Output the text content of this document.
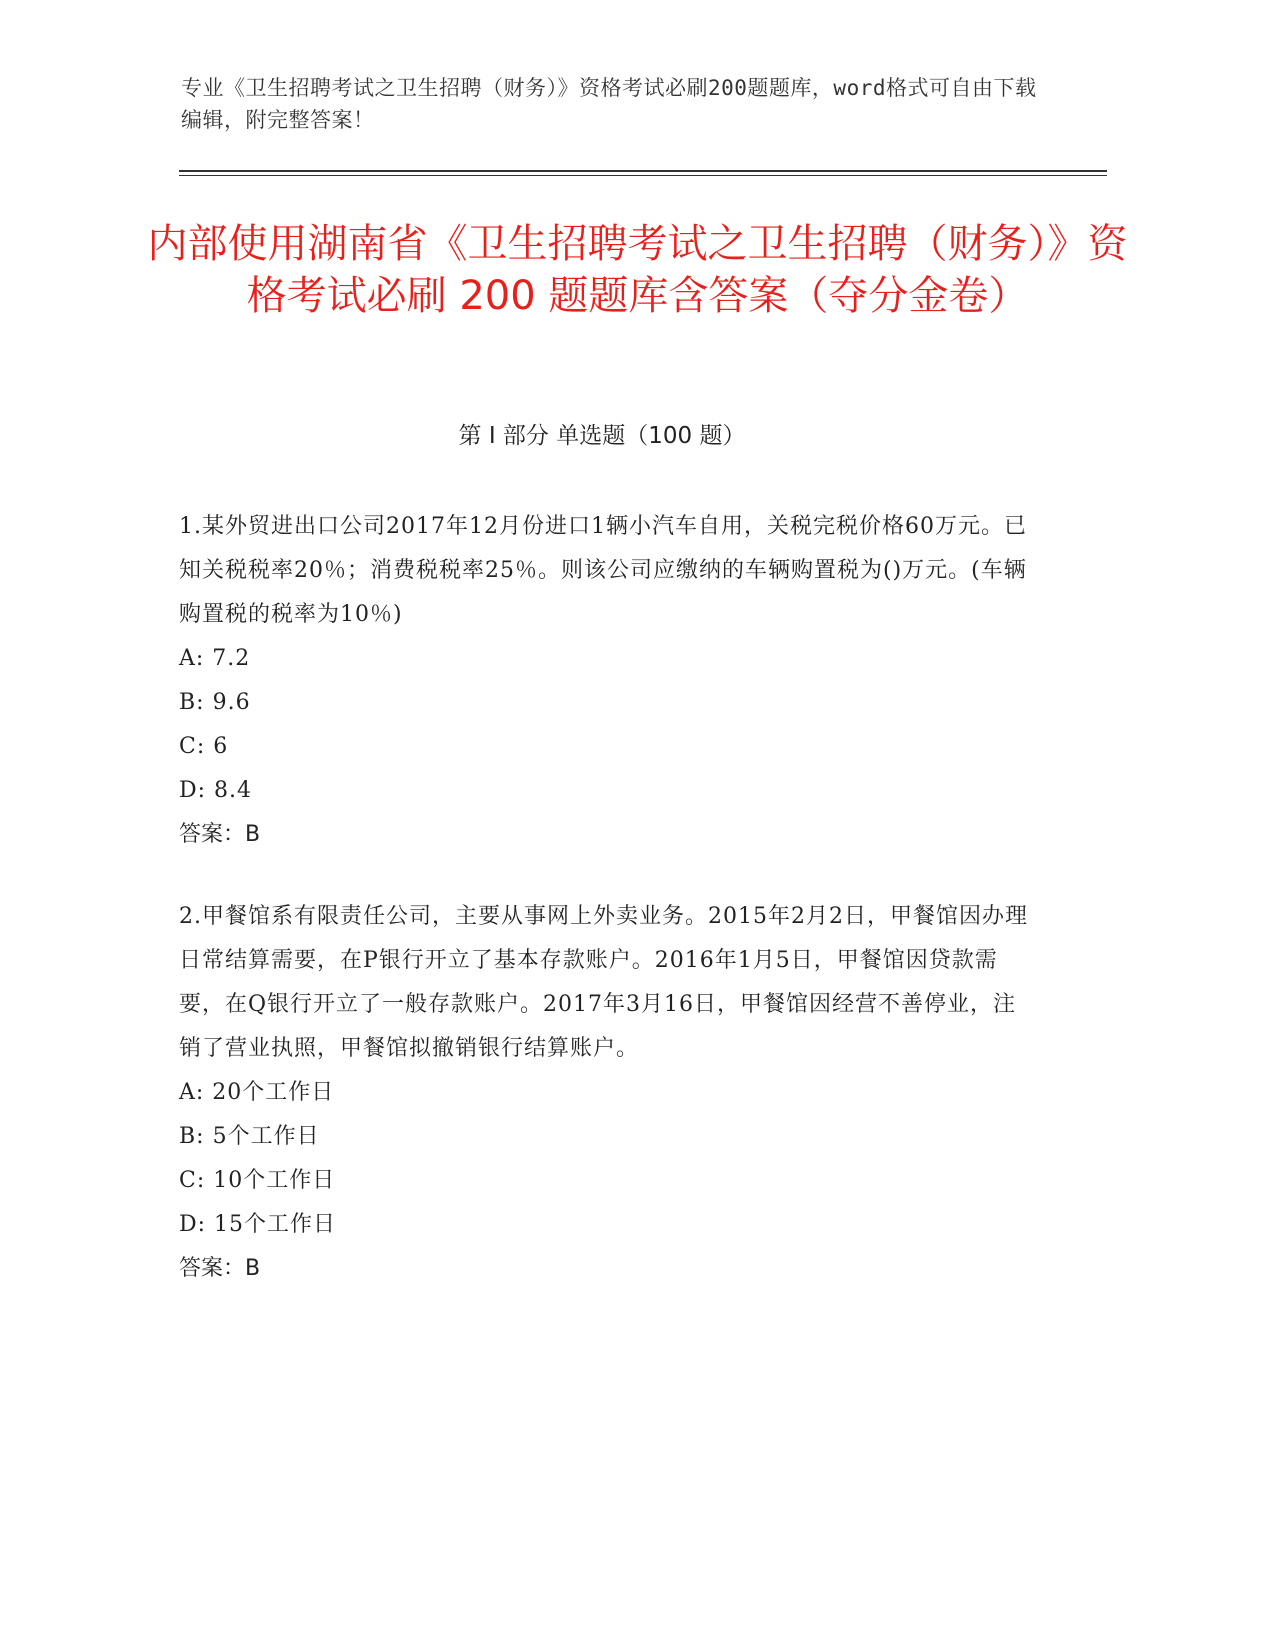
专业《卫生招聘考试之卫生招聘（财务）》资格考试必刷200题题库，word格式可自由下载编辑，附完整答案！
内部使用湖南省《卫生招聘考试之卫生招聘（财务）》资格考试必刷 200 题题库含答案（夺分金卷）
第 I 部分 单选题（100 题）
1.某外贸进出口公司2017年12月份进口1辆小汽车自用，关税完税价格60万元。已知关税税率20％；消费税税率25％。则该公司应缴纳的车辆购置税为()万元。(车辆购置税的税率为10％)
A: 7.2
B: 9.6
C: 6
D: 8.4
答案：B
2.甲餐馆系有限责任公司，主要从事网上外卖业务。2015年2月2日，甲餐馆因办理日常结算需要，在P银行开立了基本存款账户。2016年1月5日，甲餐馆因贷款需要，在Q银行开立了一般存款账户。2017年3月16日，甲餐馆因经营不善停业，注销了营业执照，甲餐馆拟撤销银行结算账户。
A: 20个工作日
B: 5个工作日
C: 10个工作日
D: 15个工作日
答案：B
